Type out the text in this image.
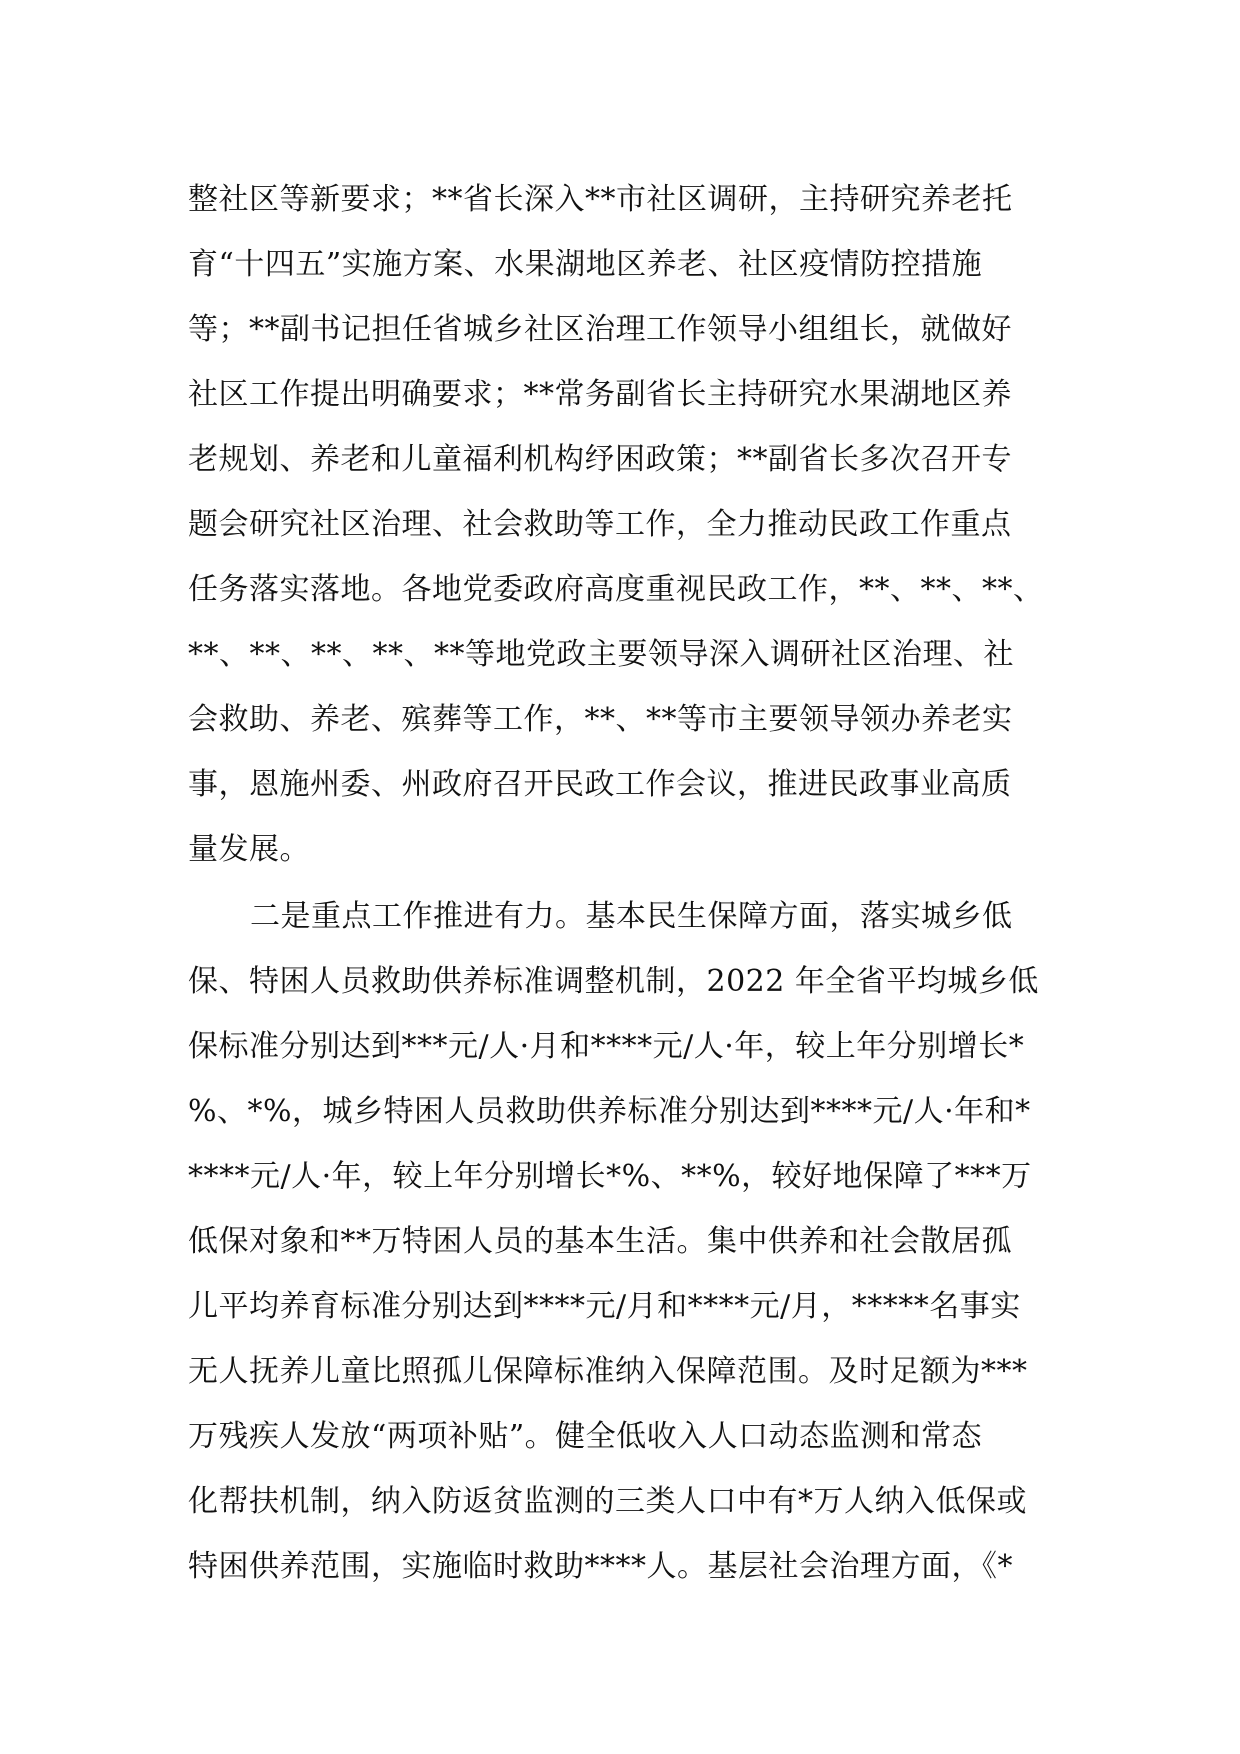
整社区等新要求；**省长深入**市社区调研，主持研究养老托
育“十四五”实施方案、水果湖地区养老、社区疫情防控措施
等；**副书记担任省城乡社区治理工作领导小组组长，就做好
社区工作提出明确要求；**常务副省长主持研究水果湖地区养
老规划、养老和儿童福利机构纾困政策；**副省长多次召开专
题会研究社区治理、社会救助等工作，全力推动民政工作重点
任务落实落地。各地党委政府高度重视民政工作，**、**、**、
**、**、**、**、**等地党政主要领导深入调研社区治理、社
会救助、养老、殡葬等工作，**、**等市主要领导领办养老实
事，恩施州委、州政府召开民政工作会议，推进民政事业高质
量发展。
二是重点工作推进有力。基本民生保障方面，落实城乡低
保、特困人员救助供养标准调整机制，2022 年全省平均城乡低
保标准分别达到***元/人·月和****元/人·年，较上年分别增长*
%、*%，城乡特困人员救助供养标准分别达到****元/人·年和*
****元/人·年，较上年分别增长*%、**%，较好地保障了***万
低保对象和**万特困人员的基本生活。集中供养和社会散居孤
儿平均养育标准分别达到****元/月和****元/月，*****名事实
无人抚养儿童比照孤儿保障标准纳入保障范围。及时足额为***
万残疾人发放“两项补贴”。健全低收入人口动态监测和常态
化帮扶机制，纳入防返贫监测的三类人口中有*万人纳入低保或
特困供养范围，实施临时救助****人。基层社会治理方面，《*
